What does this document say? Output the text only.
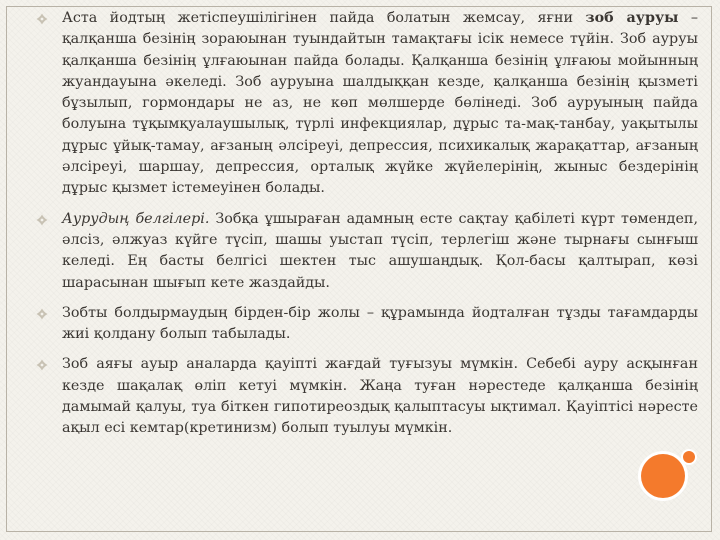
Аста йодтың жетіспеушілігінен пайда болатын жемсау, яғни зоб ауруы – қалқанша безінің зораюынан туындайтын тамақтағы ісік немесе түйін. Зоб ауруы қалқанша безінің ұлғаюынан пайда болады. Қалқанша безінің ұлғаюы мойынның жуандауына әкеледі. Зоб ауруына шалдыққан кезде, қалқанша безінің қызметі бұзылып, гормондары не аз, не көп мөлшерде бөлінеді. Зоб ауруының пайда болуына тұқымқуалаушылық, түрлі инфекциялар, дұрыс та-мақ-танбау, уақытылы дұрыс ұйық-тамау, ағзаның әлсіреуі, депрессия, психикалық жарақаттар, ағзаның әлсіреуі, шаршау, депрессия, орталық жүйке жүйелерінің, жыныс бездерінің дұрыс қызмет істемеуінен болады.
Аурудың белгілері. Зобқа ұшыраған адамның есте сақтау қабілеті күрт төмендеп, әлсіз, әлжуаз күйге түсіп, шашы уыстап түсіп, терлегіш және тырнағы сынғыш келеді. Ең басты белгісі шектен тыс ашушаңдық. Қол-басы қалтырап, көзі шарасынан шығып кете жаздайды.
Зобты болдырмаудың бірден-бір жолы – құрамында йодталған тұзды тағамдарды жиі қолдану болып табылады.
Зоб аяғы ауыр аналарда қауіпті жағдай туғызуы мүмкін. Себебі ауру асқынған кезде шақалақ өліп кетуі мүмкін. Жаңа туған нәрестеде қалқанша безінің дамымай қалуы, туа біткен гипотиреоздық қалыптасуы ықтимал. Қауіптісі нәресте ақыл есі кемтар(кретинизм) болып туылуы мүмкін.
